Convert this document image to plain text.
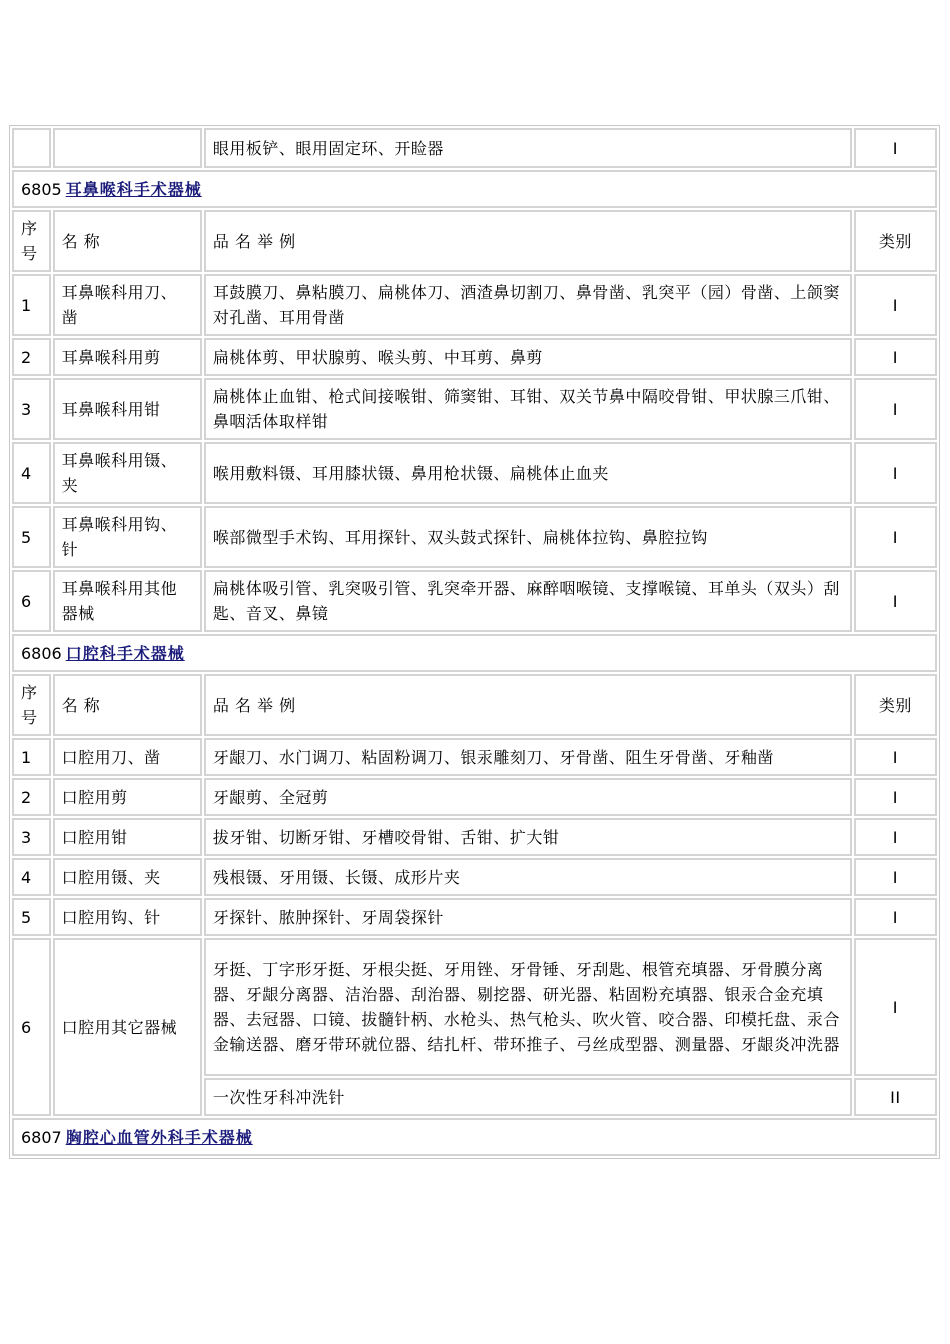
		眼用板铲、眼用固定环、开睑器	I
6805 耳鼻喉科手术器械			
序号	名 称	品 名 举 例	类别
1	耳鼻喉科用刀、凿	耳鼓膜刀、鼻粘膜刀、扁桃体刀、酒渣鼻切割刀、鼻骨凿、乳突平（园）骨凿、上颌窦对孔凿、耳用骨凿	I
2	耳鼻喉科用剪	扁桃体剪、甲状腺剪、喉头剪、中耳剪、鼻剪	I
3	耳鼻喉科用钳	扁桃体止血钳、枪式间接喉钳、筛窦钳、耳钳、双关节鼻中隔咬骨钳、甲状腺三爪钳、鼻咽活体取样钳	I
4	耳鼻喉科用镊、夹	喉用敷料镊、耳用膝状镊、鼻用枪状镊、扁桃体止血夹	I
5	耳鼻喉科用钩、针	喉部微型手术钩、耳用探针、双头鼓式探针、扁桃体拉钩、鼻腔拉钩	I
6	耳鼻喉科用其他器械	扁桃体吸引管、乳突吸引管、乳突牵开器、麻醉咽喉镜、支撑喉镜、耳单头（双头）刮匙、音叉、鼻镜	I
6806 口腔科手术器械			
序号	名 称	品 名 举 例	类别
1	口腔用刀、凿	牙龈刀、水门调刀、粘固粉调刀、银汞雕刻刀、牙骨凿、阻生牙骨凿、牙釉凿	I
2	口腔用剪	牙龈剪、全冠剪	I
3	口腔用钳	拔牙钳、切断牙钳、牙槽咬骨钳、舌钳、扩大钳	I
4	口腔用镊、夹	残根镊、牙用镊、长镊、成形片夹	I
5	口腔用钩、针	牙探针、脓肿探针、牙周袋探针	I
6	口腔用其它器械	牙挺、丁字形牙挺、牙根尖挺、牙用锉、牙骨锤、牙刮匙、根管充填器、牙骨膜分离器、牙龈分离器、洁治器、刮治器、剔挖器、研光器、粘固粉充填器、银汞合金充填器、去冠器、口镜、拔髓针柄、水枪头、热气枪头、吹火管、咬合器、印模托盘、汞合金输送器、磨牙带环就位器、结扎杆、带环推子、弓丝成型器、测量器、牙龈炎冲洗器	I
		一次性牙科冲洗针	II
6807 胸腔心血管外科手术器械			
